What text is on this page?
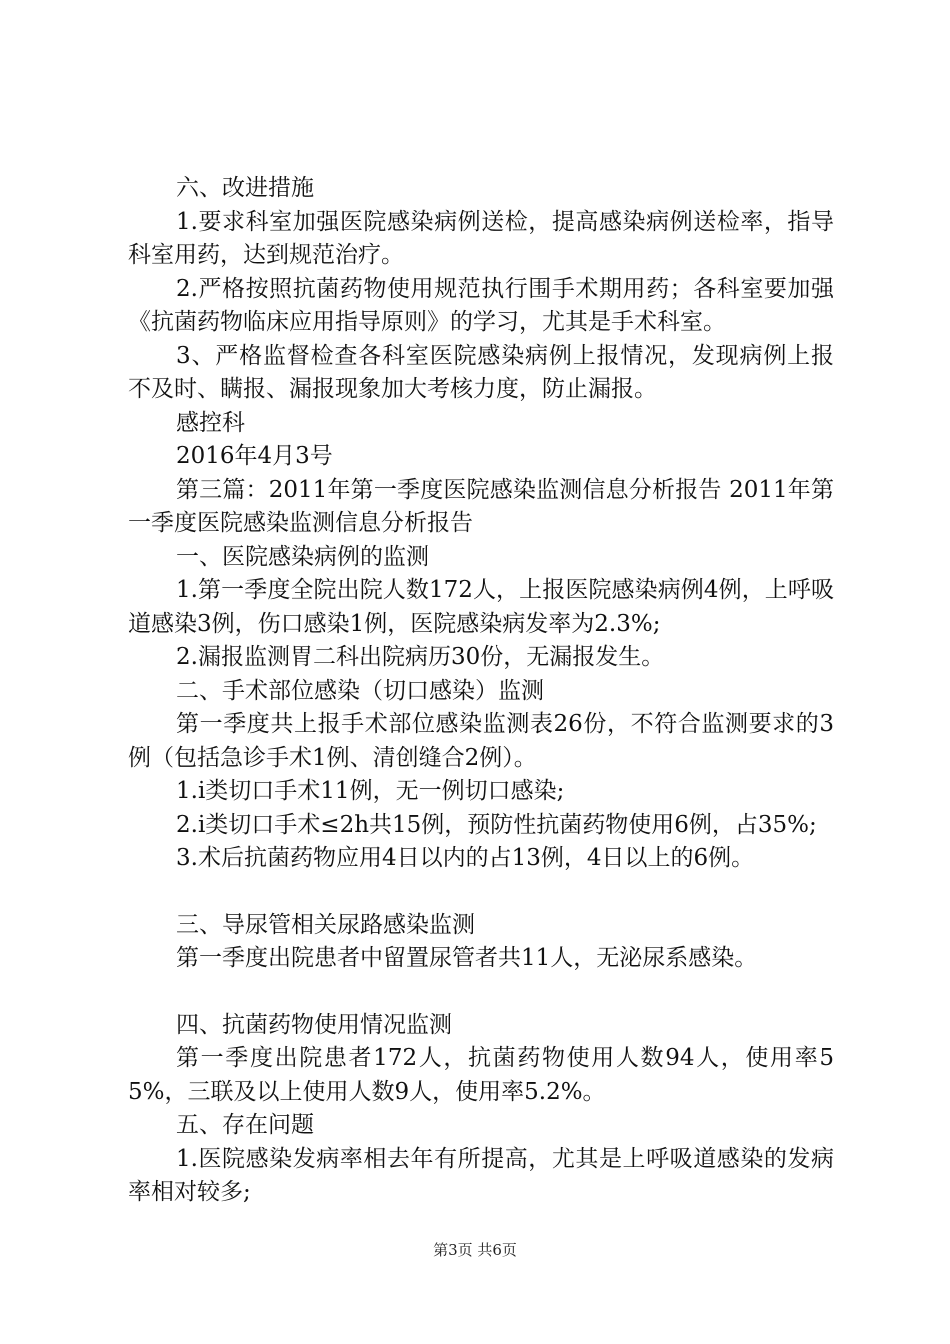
六、改进措施

1.要求科室加强医院感染病例送检，提高感染病例送检率，指导科室用药，达到规范治疗。

2.严格按照抗菌药物使用规范执行围手术期用药；各科室要加强《抗菌药物临床应用指导原则》的学习，尤其是手术科室。

3、严格监督检查各科室医院感染病例上报情况，发现病例上报不及时、瞒报、漏报现象加大考核力度，防止漏报。

感控科

2016年4月3号

第三篇：2011年第一季度医院感染监测信息分析报告 2011年第一季度医院感染监测信息分析报告

一、医院感染病例的监测

1.第一季度全院出院人数172人，上报医院感染病例4例，上呼吸道感染3例，伤口感染1例，医院感染病发率为2.3%;

2.漏报监测胃二科出院病历30份，无漏报发生。

二、手术部位感染（切口感染）监测

第一季度共上报手术部位感染监测表26份，不符合监测要求的3例（包括急诊手术1例、清创缝合2例）。

1.ⅰ类切口手术11例，无一例切口感染;

2.ⅰ类切口手术≤2h共15例，预防性抗菌药物使用6例，占35%;

3.术后抗菌药物应用4日以内的占13例，4日以上的6例。

三、导尿管相关尿路感染监测

第一季度出院患者中留置尿管者共11人，无泌尿系感染。

四、抗菌药物使用情况监测

第一季度出院患者172人，抗菌药物使用人数94人，使用率55%，三联及以上使用人数9人，使用率5.2%。

五、存在问题

1.医院感染发病率相去年有所提高，尤其是上呼吸道感染的发病率相对较多;

第3页 共6页
